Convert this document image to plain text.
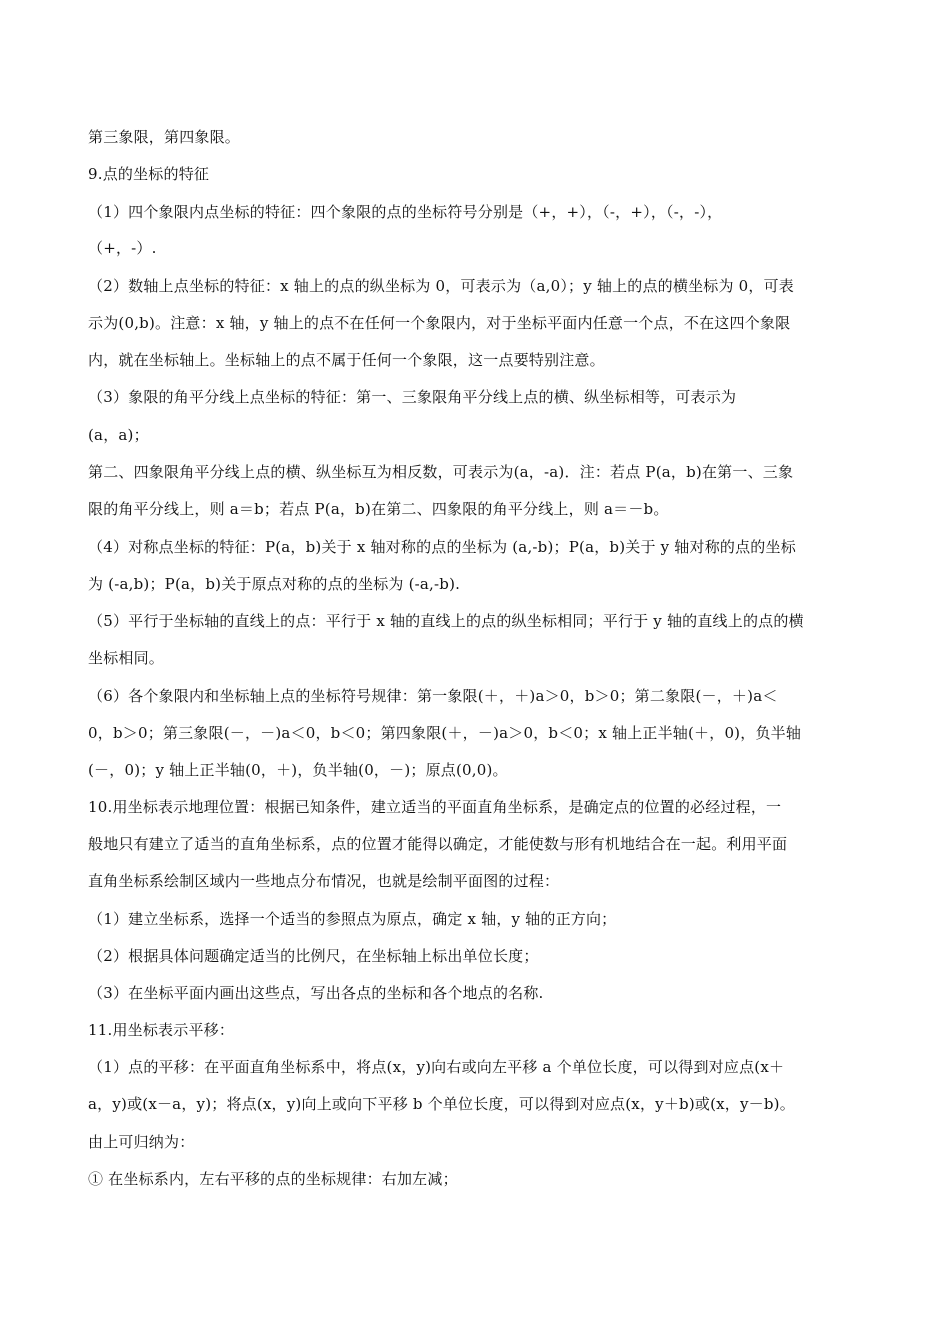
第三象限，第四象限。
9.点的坐标的特征
（1）四个象限内点坐标的特征：四个象限的点的坐标符号分别是（+，+），（-，+），（-，-），
（+，-）.
（2）数轴上点坐标的特征：x 轴上的点的纵坐标为 0，可表示为（a,0）；y 轴上的点的横坐标为 0，可表
示为(0,b)。注意：x 轴，y 轴上的点不在任何一个象限内，对于坐标平面内任意一个点，不在这四个象限
内，就在坐标轴上。坐标轴上的点不属于任何一个象限，这一点要特别注意。
（3）象限的角平分线上点坐标的特征：第一、三象限角平分线上点的横、纵坐标相等，可表示为
(a，a)；
第二、四象限角平分线上点的横、纵坐标互为相反数，可表示为(a，-a)．注：若点 P(a，b)在第一、三象
限的角平分线上，则 a＝b；若点 P(a，b)在第二、四象限的角平分线上，则 a＝－b。
（4）对称点坐标的特征：P(a，b)关于 x 轴对称的点的坐标为 (a,-b)；P(a，b)关于 y 轴对称的点的坐标
为 (-a,b)；P(a，b)关于原点对称的点的坐标为 (-a,-b).
（5）平行于坐标轴的直线上的点：平行于 x 轴的直线上的点的纵坐标相同；平行于 y 轴的直线上的点的横
坐标相同。
（6）各个象限内和坐标轴上点的坐标符号规律：第一象限(＋，＋)a＞0，b＞0；第二象限(－，＋)a＜
0，b＞0；第三象限(－，－)a＜0，b＜0；第四象限(＋，－)a＞0，b＜0；x 轴上正半轴(＋，0)，负半轴
(－，0)；y 轴上正半轴(0，＋)，负半轴(0，－)；原点(0,0)。
10.用坐标表示地理位置：根据已知条件，建立适当的平面直角坐标系，是确定点的位置的必经过程，一
般地只有建立了适当的直角坐标系，点的位置才能得以确定，才能使数与形有机地结合在一起。利用平面
直角坐标系绘制区域内一些地点分布情况，也就是绘制平面图的过程：
（1）建立坐标系，选择一个适当的参照点为原点，确定 x 轴，y 轴的正方向；
（2）根据具体问题确定适当的比例尺，在坐标轴上标出单位长度；
（3）在坐标平面内画出这些点，写出各点的坐标和各个地点的名称.
11.用坐标表示平移：
（1）点的平移：在平面直角坐标系中，将点(x，y)向右或向左平移 a 个单位长度，可以得到对应点(x＋
a，y)或(x－a，y)；将点(x，y)向上或向下平移 b 个单位长度，可以得到对应点(x，y＋b)或(x，y－b)。
由上可归纳为：
① 在坐标系内，左右平移的点的坐标规律：右加左减；
